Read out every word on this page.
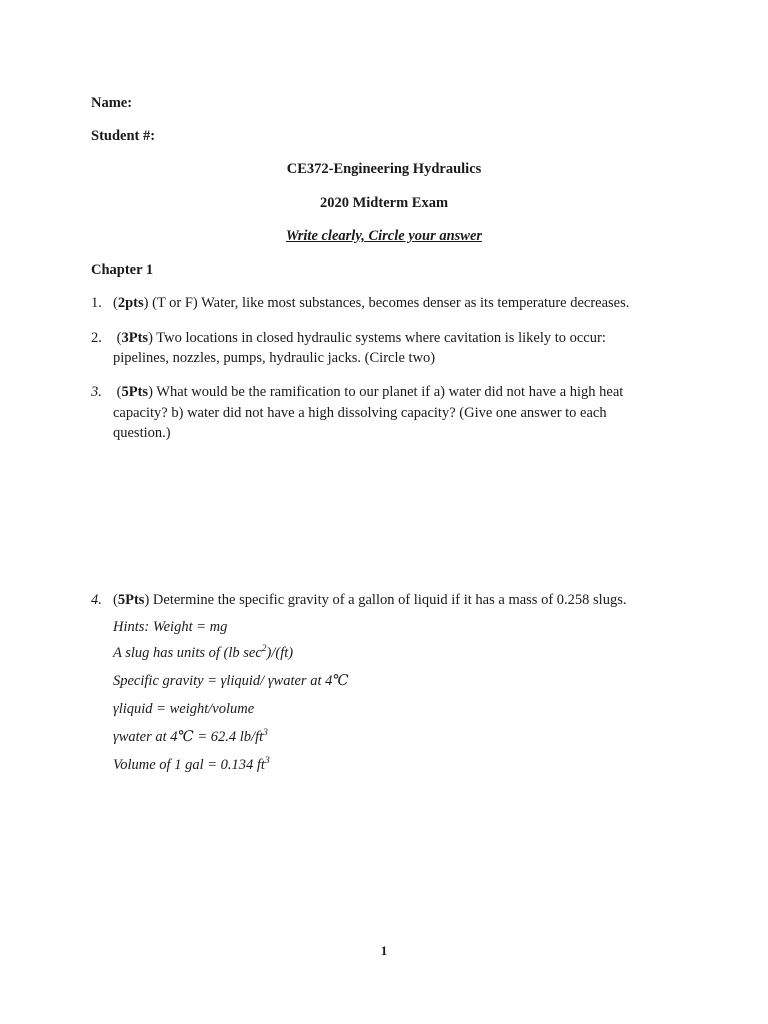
Name:
Student #:
CE372-Engineering Hydraulics
2020 Midterm Exam
Write clearly, Circle your answer
Chapter 1
1. (2pts) (T or F) Water, like most substances, becomes denser as its temperature decreases.
2. (3Pts) Two locations in closed hydraulic systems where cavitation is likely to occur:
pipelines, nozzles, pumps, hydraulic jacks. (Circle two)
3. (5Pts) What would be the ramification to our planet if a) water did not have a high heat
capacity? b) water did not have a high dissolving capacity? (Give one answer to each
question.)
4. (5Pts) Determine the specific gravity of a gallon of liquid if it has a mass of 0.258 slugs.
Hints: Weight = mg
A slug has units of (lb $\sec^2)/(ft)$
Specific gravity = γliquid/ γwater at 4℃
γliquid = weight/volume
γwater at 4℃ = 62.4 $lb/ft^3$
Volume of 1 gal = 0.134 $ft^3$
1
